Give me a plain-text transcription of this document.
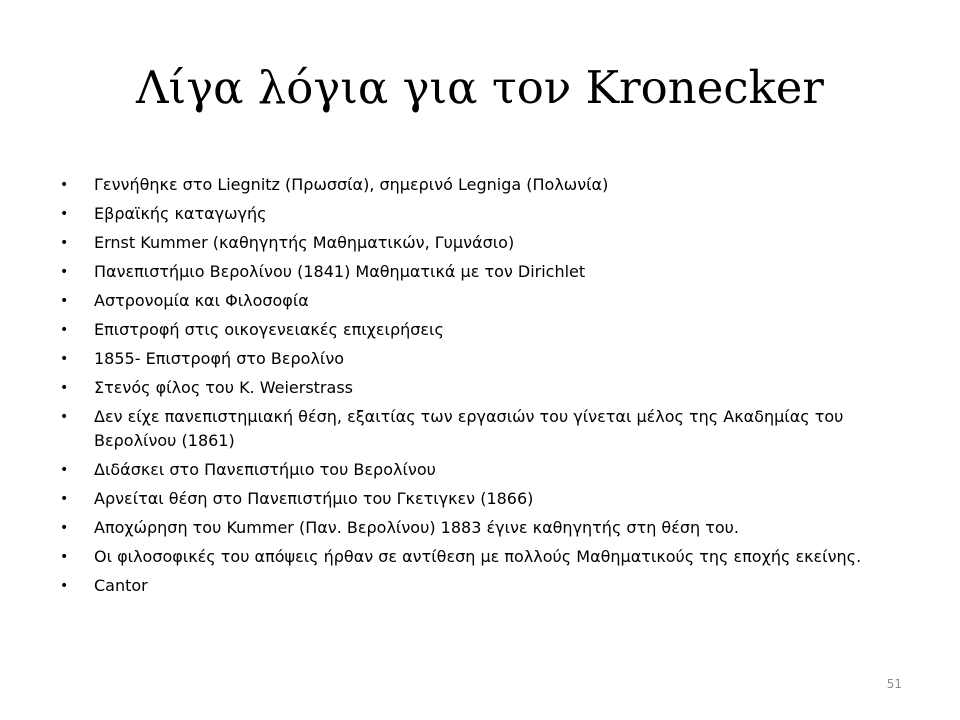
Λίγα λόγια για τον Kronecker
• Γεννήθηκε στο Liegnitz (Πρωσσία), σημερινό Legniga (Πολωνία)
• Εβραϊκής καταγωγής
• Ernst Kummer (καθηγητής Μαθηματικών, Γυμνάσιο)
• Πανεπιστήμιο Βερολίνου (1841) Μαθηματικά με τον Dirichlet
• Αστρονομία και Φιλοσοφία
• Επιστροφή στις οικογενειακές επιχειρήσεις
• 1855- Επιστροφή στο Βερολίνο
• Στενός φίλος του K. Weierstrass
• Δεν είχε πανεπιστημιακή θέση, εξαιτίας των εργασιών του γίνεται μέλος της Ακαδημίας του Βερολίνου (1861)
• Διδάσκει στο Πανεπιστήμιο του Βερολίνου
• Αρνείται θέση στο Πανεπιστήμιο του Γκετιγκεν (1866)
• Αποχώρηση του Kummer (Παν. Βερολίνου) 1883 έγινε καθηγητής στη θέση του.
• Οι φιλοσοφικές του απόψεις ήρθαν σε αντίθεση με πολλούς Μαθηματικούς της εποχής εκείνης.
• Cantor
51
